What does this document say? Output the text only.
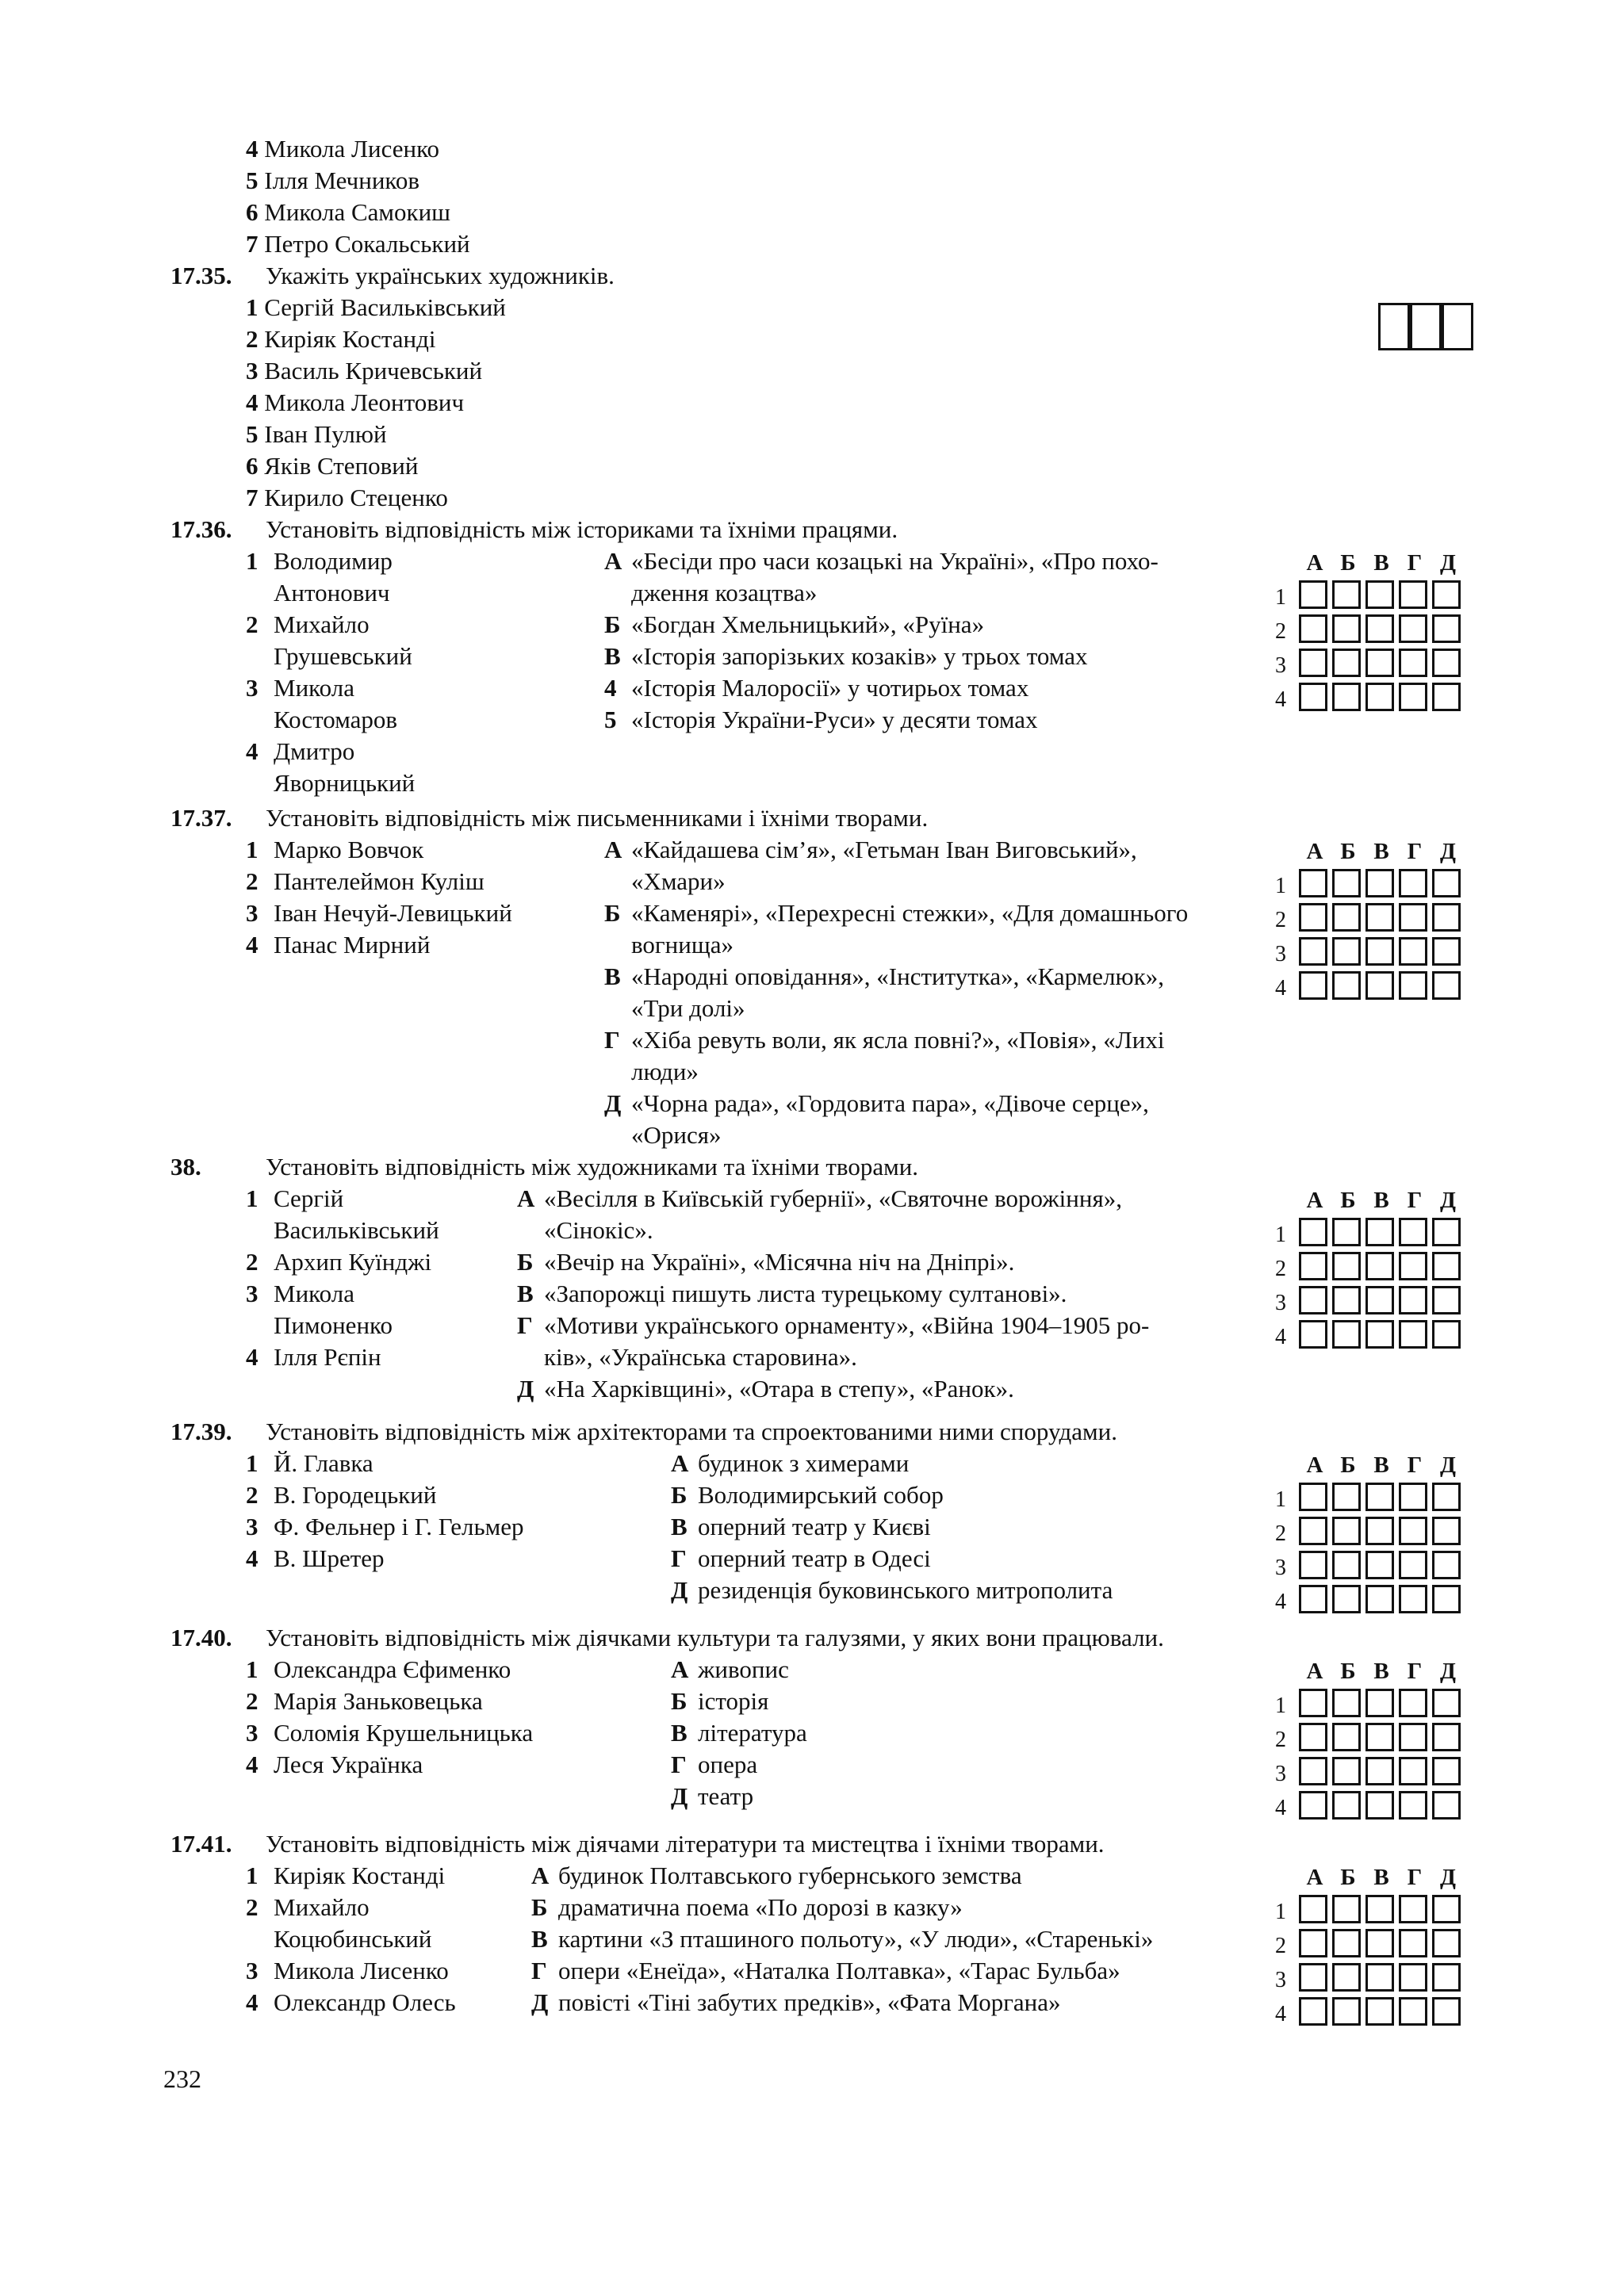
4 Микола Лисенко
5 Ілля Мечников
6 Микола Самокиш
7 Петро Сокальський
17.35. Укажіть українських художників.
1 Сергій Васильківський
2 Киріяк Костанді
3 Василь Кричевський
4 Микола Леонтович
5 Іван Пулюй
6 Яків Степовий
7 Кирило Стеценко
17.36. Установіть відповідність між істориками та їхніми працями.
1 Володимир
Антонович
2 Михайло
Грушевський
3 Микола
Костомаров
4 Дмитро
Яворницький
А «Бесіди про часи козацькі на Україні», «Про похо-
дження козацтва»
Б «Богдан Хмельницький», «Руїна»
В «Історія запорізьких козаків» у трьох томах
4 «Історія Малоросії» у чотирьох томах
5 «Історія України-Руси» у десяти томах
А Б В Г Д
1
2
3
4
17.37. Установіть відповідність між письменниками і їхніми творами.
1 Марко Вовчок
2 Пантелеймон Куліш
3 Іван Нечуй-Левицький
4 Панас Мирний
А «Кайдашева сім’я», «Гетьман Іван Виговський»,
«Хмари»
Б «Каменярі», «Перехресні стежки», «Для домашнього
вогнища»
В «Народні оповідання», «Інститутка», «Кармелюк»,
«Три долі»
Г «Хіба ревуть воли, як ясла повні?», «Повія», «Лихі
люди»
Д «Чорна рада», «Гордовита пара», «Дівоче серце»,
«Орися»
А Б В Г Д
1
2
3
4
38.	Установіть відповідність між художниками та їхніми творами.
1 Сергій
Васильківський
2 Архип Куїнджі
3 Микола
Пимоненко
4 Ілля Рєпін
А «Весілля в Київській губернії», «Святочне ворожіння»,
«Сінокіс».
Б «Вечір на Україні», «Місячна ніч на Дніпрі».
В «Запорожці пишуть листа турецькому султанові».
Г «Мотиви українського орнаменту», «Війна 1904–1905 ро-
ків», «Українська старовина».
Д «На Харківщині», «Отара в степу», «Ранок».
А Б В Г Д
1
2
3
4
17.39. Установіть відповідність між архітекторами та спроектованими ними спорудами.
1 Й. Главка
2 В. Городецький
3 Ф. Фельнер і Г. Гельмер
4 В. Шретер
А будинок з химерами
Б Володимирський собор
В оперний театр у Києві
Г оперний театр в Одесі
Д резиденція буковинського митрополита
А Б В Г Д
1
2
3
4
17.40. Установіть відповідність між діячками культури та галузями, у яких вони працювали.
1 Олександра Єфименко
2 Марія Заньковецька
3 Соломія Крушельницька
4 Леся Українка
А живопис
Б історія
В література
Г опера
Д театр
А Б В Г Д
1
2
3
4
17.41. Установіть відповідність між діячами літератури та мистецтва і їхніми творами.
1 Киріяк Костанді
2 Михайло
Коцюбинський
3 Микола Лисенко
4 Олександр Олесь
А будинок Полтавського губернського земства
Б драматична поема «По дорозі в казку»
В картини «З пташиного польоту», «У люди», «Старенькі»
Г опери «Енеїда», «Наталка Полтавка», «Тарас Бульба»
Д повісті «Тіні забутих предків», «Фата Моргана»
А Б В Г Д
1
2
3
4
232
